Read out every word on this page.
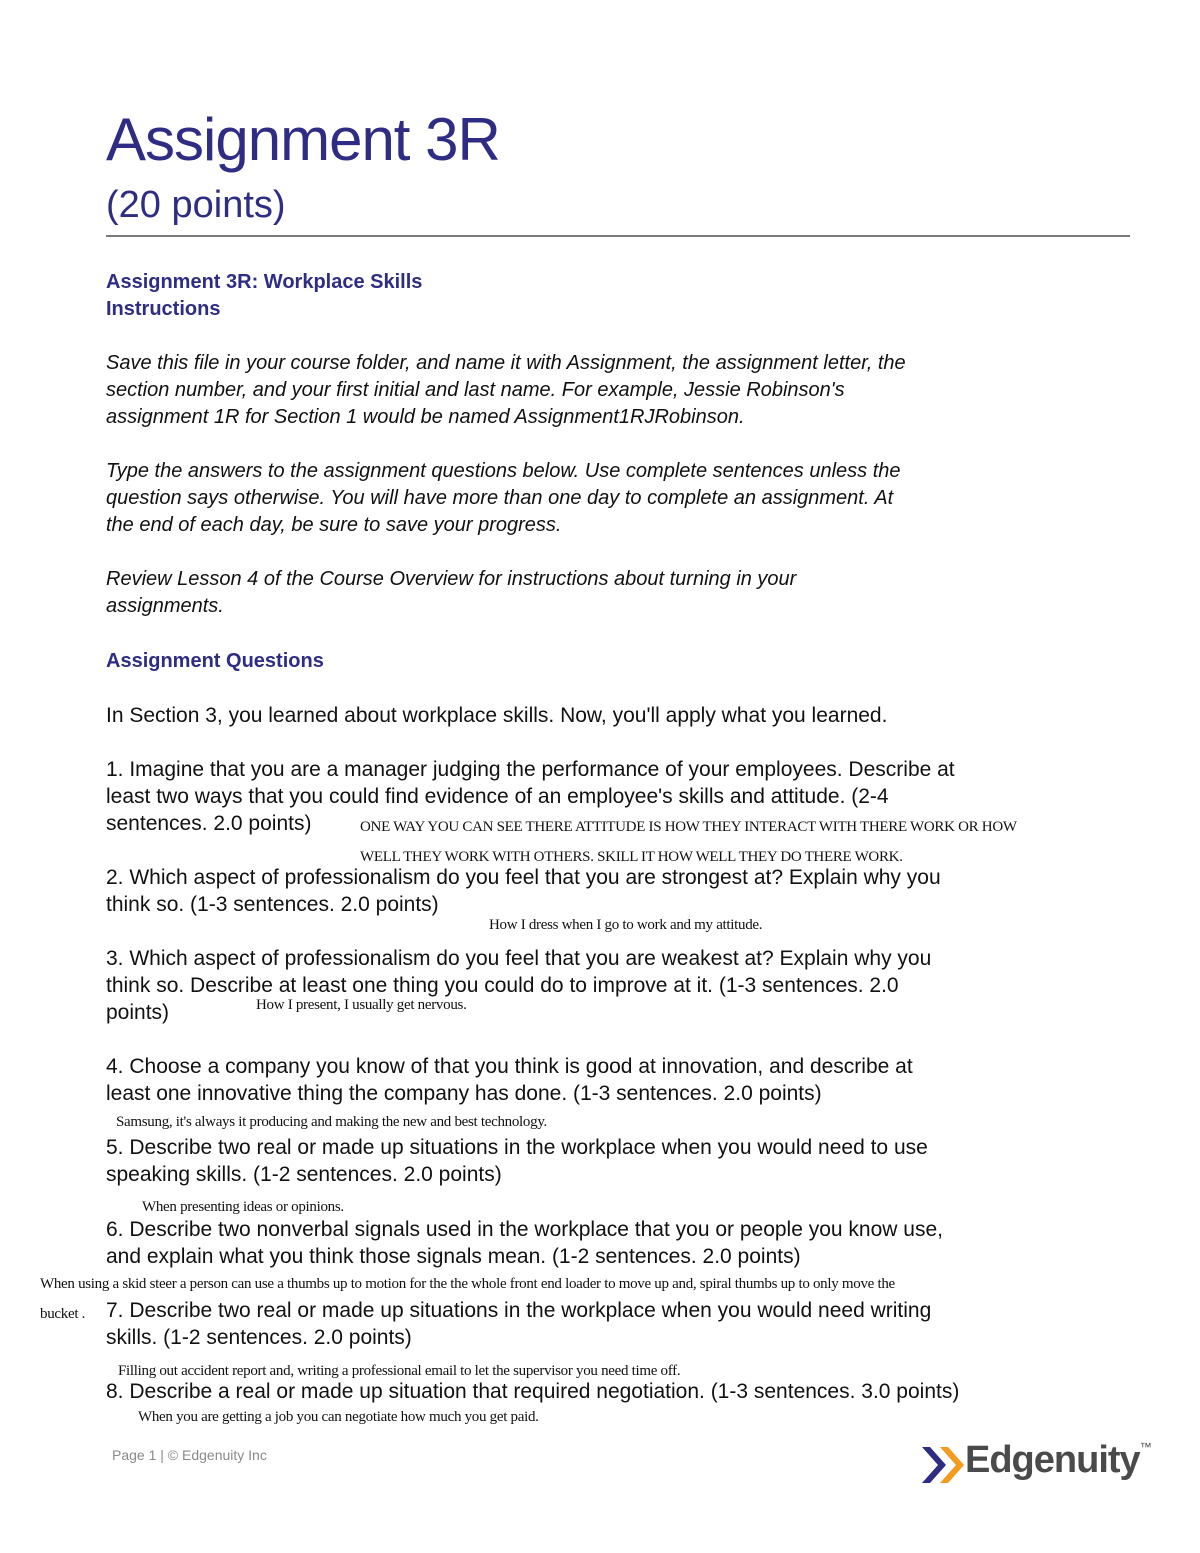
Assignment 3R
(20 points)
Assignment 3R: Workplace Skills
Instructions
Save this file in your course folder, and name it with Assignment, the assignment letter, the
section number, and your first initial and last name. For example, Jessie Robinson's
assignment 1R for Section 1 would be named Assignment1RJRobinson.
Type the answers to the assignment questions below. Use complete sentences unless the
question says otherwise. You will have more than one day to complete an assignment. At
the end of each day, be sure to save your progress.
Review Lesson 4 of the Course Overview for instructions about turning in your
assignments.
Assignment Questions
In Section 3, you learned about workplace skills. Now, you'll apply what you learned.
1. Imagine that you are a manager judging the performance of your employees. Describe at
least two ways that you could find evidence of an employee's skills and attitude. (2-4
sentences. 2.0 points)	ONE WAY YOU CAN SEE THERE ATTITUDE IS HOW THEY INTERACT WITH THERE WORK OR HOW
WELL THEY WORK WITH OTHERS. SKILL IT HOW WELL THEY DO THERE WORK.
2. Which aspect of professionalism do you feel that you are strongest at? Explain why you
think so. (1-3 sentences. 2.0 points)
How I dress when I go to work and my attitude.
3. Which aspect of professionalism do you feel that you are weakest at? Explain why you
think so. Describe at least one thing you could do to improve at it. (1-3 sentences. 2.0
points)	How I present, I usually get nervous.
4. Choose a company you know of that you think is good at innovation, and describe at
least one innovative thing the company has done. (1-3 sentences. 2.0 points)
Samsung, it's always it producing and making the new and best technology.
5. Describe two real or made up situations in the workplace when you would need to use
speaking skills. (1-2 sentences. 2.0 points)
When presenting ideas or opinions.
6. Describe two nonverbal signals used in the workplace that you or people you know use,
and explain what you think those signals mean. (1-2 sentences. 2.0 points)
When using a skid steer a person can use a thumbs up to motion for the the whole front end loader to move up and, spiral thumbs up to only move the
bucket . 7. Describe two real or made up situations in the workplace when you would need writing
skills. (1-2 sentences. 2.0 points)
Filling out accident report and, writing a professional email to let the supervisor you need time off.
8. Describe a real or made up situation that required negotiation. (1-3 sentences. 3.0 points)
When you are getting a job you can negotiate how much you get paid.
Page 1 | © Edgenuity Inc	Edgenuity™
